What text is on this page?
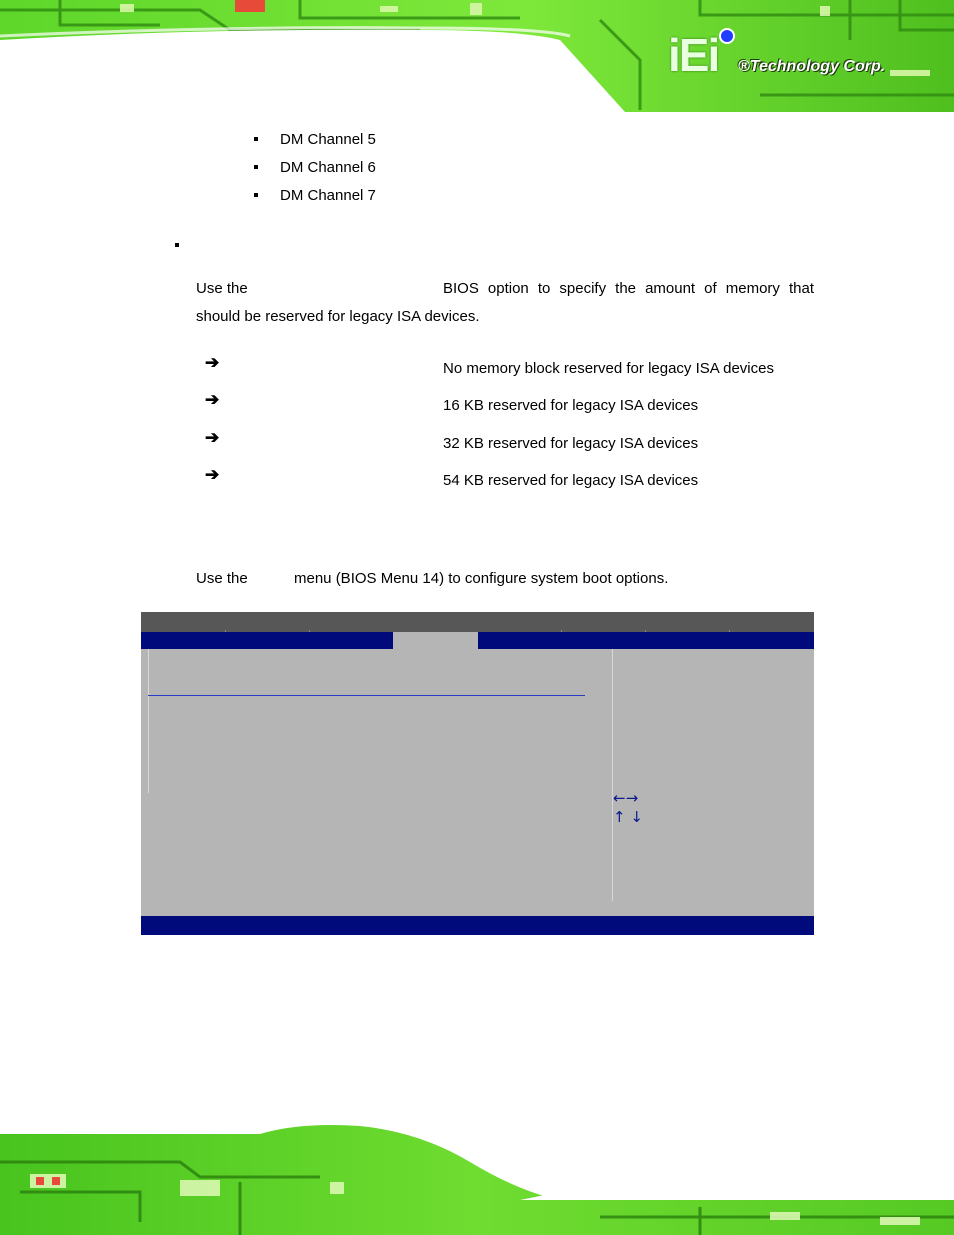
iEi ®Technology Corp.
DM Channel 5
DM Channel 6
DM Channel 7
Use the	BIOS option to specify the amount of memory that
should be reserved for legacy ISA devices.
➔	No memory block reserved for legacy ISA devices
➔	16 KB reserved for legacy ISA devices
➔	32 KB reserved for legacy ISA devices
➔	54 KB reserved for legacy ISA devices
Use the	menu (BIOS Menu 14) to configure system boot options.
←→
↑ ↓
